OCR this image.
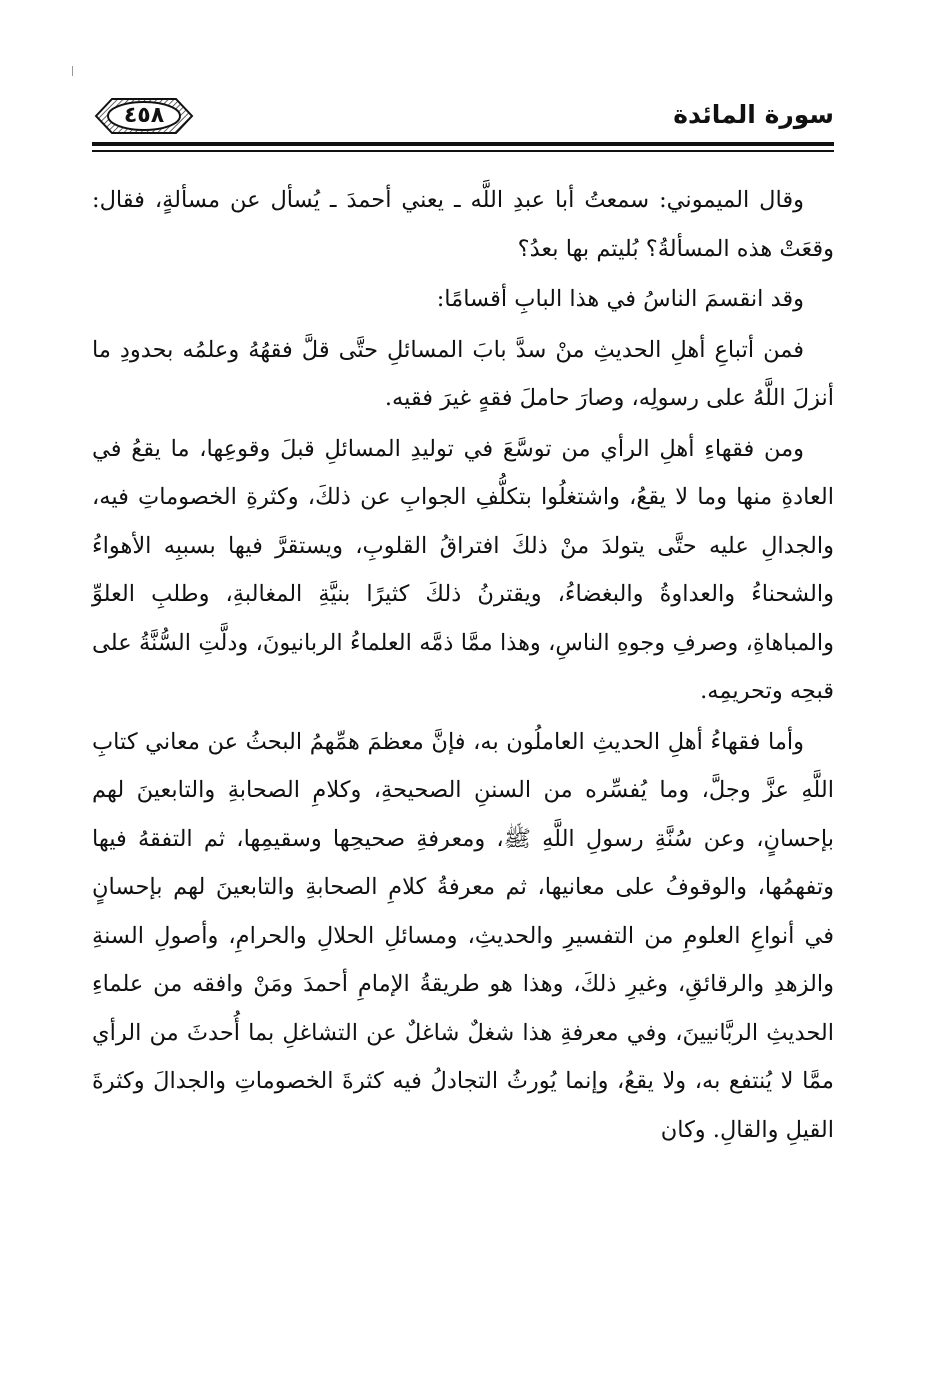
٤٥٨	سورة المائدة

وقال الميموني: سمعتُ أبا عبدِ اللَّه ـ يعني أحمدَ ـ يُسأل عن مسألةٍ، فقال: وقعَتْ هذه المسألةُ؟ بُليتم بها بعدُ؟

وقد انقسمَ الناسُ في هذا البابِ أقسامًا:

فمن أتباعِ أهلِ الحديثِ منْ سدَّ بابَ المسائلِ حتَّى قلَّ فقهُهُ وعلمُه بحدودِ ما أنزلَ اللَّهُ على رسولِه، وصارَ حاملَ فقهٍ غيرَ فقيه.

ومن فقهاءِ أهلِ الرأي من توسَّعَ في توليدِ المسائلِ قبلَ وقوعِها، ما يقعُ في العادةِ منها وما لا يقعُ، واشتغلُوا بتكلُّفِ الجوابِ عن ذلكَ، وكثرةِ الخصوماتِ فيه، والجدالِ عليه حتَّى يتولدَ منْ ذلكَ افتراقُ القلوبِ، ويستقرَّ فيها بسببِه الأهواءُ والشحناءُ والعداوةُ والبغضاءُ، ويقترنُ ذلكَ كثيرًا بنيَّةِ المغالبةِ، وطلبِ العلوِّ والمباهاةِ، وصرفِ وجوهِ الناسِ، وهذا ممَّا ذمَّه العلماءُ الربانيونَ، ودلَّتِ السُّنَّةُ على قبحِه وتحريمِه.

وأما فقهاءُ أهلِ الحديثِ العاملُون به، فإنَّ معظمَ همِّهمُ البحثُ عن معاني كتابِ اللَّهِ عزَّ وجلَّ، وما يُفسِّره من السننِ الصحيحةِ، وكلامِ الصحابةِ والتابعينَ لهم بإحسانٍ، وعن سُنَّةِ رسولِ اللَّهِ ﷺ، ومعرفةِ صحيحِها وسقيمِها، ثم التفقهُ فيها وتفهمُها، والوقوفُ على معانيها، ثم معرفةُ كلامِ الصحابةِ والتابعينَ لهم بإحسانٍ في أنواعِ العلومِ من التفسيرِ والحديثِ، ومسائلِ الحلالِ والحرامِ، وأصولِ السنةِ والزهدِ والرقائقِ، وغيرِ ذلكَ، وهذا هو طريقةُ الإمامِ أحمدَ ومَنْ وافقه من علماءِ الحديثِ الربَّانيينَ، وفي معرفةِ هذا شغلٌ شاغلٌ عن التشاغلِ بما أُحدثَ من الرأي ممَّا لا يُنتفع به، ولا يقعُ، وإنما يُورثُ التجادلُ فيه كثرةَ الخصوماتِ والجدالَ وكثرةَ القيلِ والقالِ. وكان
